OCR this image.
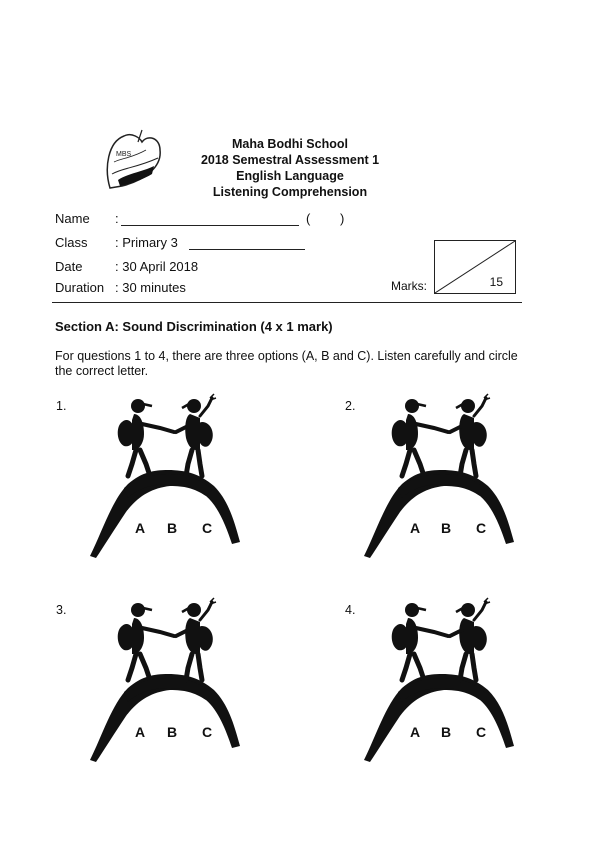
MBS
Maha Bodhi School
2018 Semestral Assessment 1
English Language
Listening Comprehension
Name :	( )
Class : Primary 3
Date	: 30 April 2018
Duration : 30 minutes	Marks:	15
Section A: Sound Discrimination (4 x 1 mark)
For questions 1 to 4, there are three options (A, B and C). Listen carefully and circle the correct letter.
1.	2.
3.	4.
A B C	A B C
A B C	A B C
